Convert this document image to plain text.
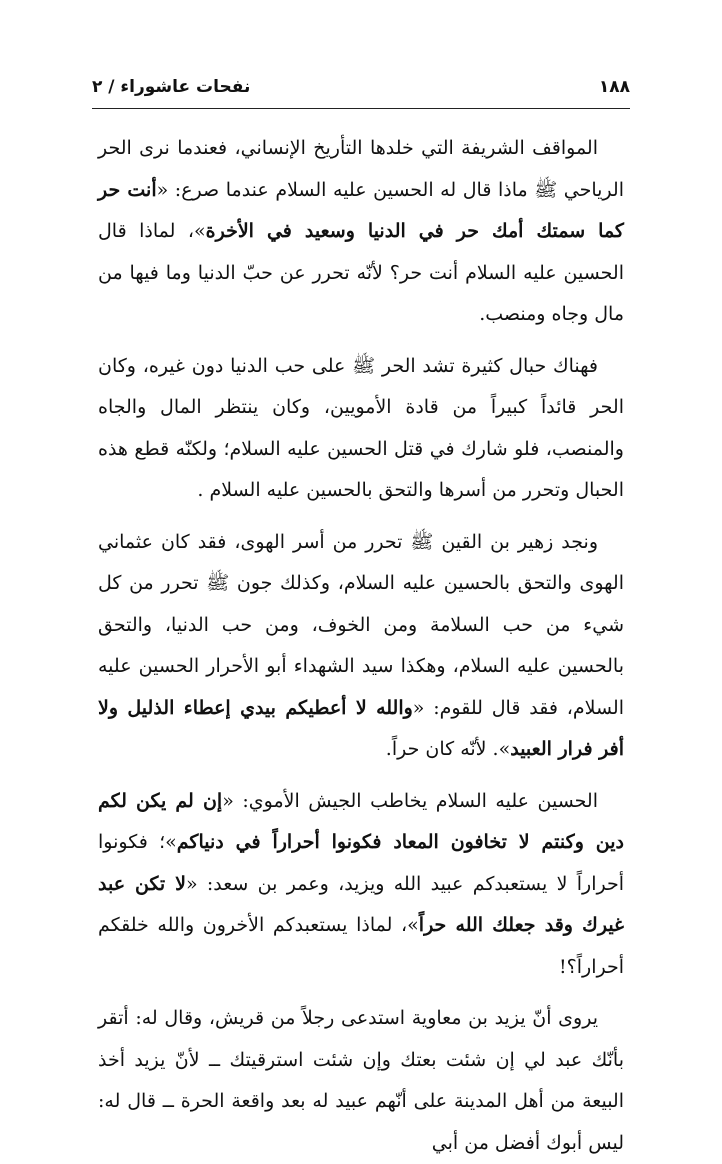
١٨٨
نفحات عاشوراء / ٢

المواقف الشريفة التي خلدها التأريخ الإنساني، فعندما نرى الحر الرياحي ﷺ ماذا قال له الحسين عليه السلام عندما صرع: «أنت حر كما سمتك أمك حر في الدنيا وسعيد في الأخرة»، لماذا قال الحسين عليه السلام أنت حر؟ لأنّه تحرر عن حبّ الدنيا وما فيها من مال وجاه ومنصب.

فهناك حبال كثيرة تشد الحر ﷺ على حب الدنيا دون غيره، وكان الحر قائداً كبيراً من قادة الأمويين، وكان ينتظر المال والجاه والمنصب، فلو شارك في قتل الحسين عليه السلام؛ ولكنّه قطع هذه الحبال وتحرر من أسرها والتحق بالحسين عليه السلام .

ونجد زهير بن القين ﷺ تحرر من أسر الهوى، فقد كان عثماني الهوى والتحق بالحسين عليه السلام، وكذلك جون ﷺ تحرر من كل شيء من حب السلامة ومن الخوف، ومن حب الدنيا، والتحق بالحسين عليه السلام، وهكذا سيد الشهداء أبو الأحرار الحسين عليه السلام، فقد قال للقوم: «والله لا أعطيكم بيدي إعطاء الذليل ولا أفر فرار العبيد». لأنّه كان حراً.

الحسين عليه السلام يخاطب الجيش الأموي: «إن لم يكن لكم دين وكنتم لا تخافون المعاد فكونوا أحراراً في دنياكم»؛ فكونوا أحراراً لا يستعبدكم عبيد الله ويزيد، وعمر بن سعد: «لا تكن عبد غيرك وقد جعلك الله حراً»، لماذا يستعبدكم الأخرون والله خلقكم أحراراً؟!

يروى أنّ يزيد بن معاوية استدعى رجلاً من قريش، وقال له: أتقر بأنّك عبد لي إن شئت بعتك وإن شئت استرقيتك ــ لأنّ يزيد أخذ البيعة من أهل المدينة على أنّهم عبيد له بعد واقعة الحرة ــ قال له: ليس أبوك أفضل من أبي
